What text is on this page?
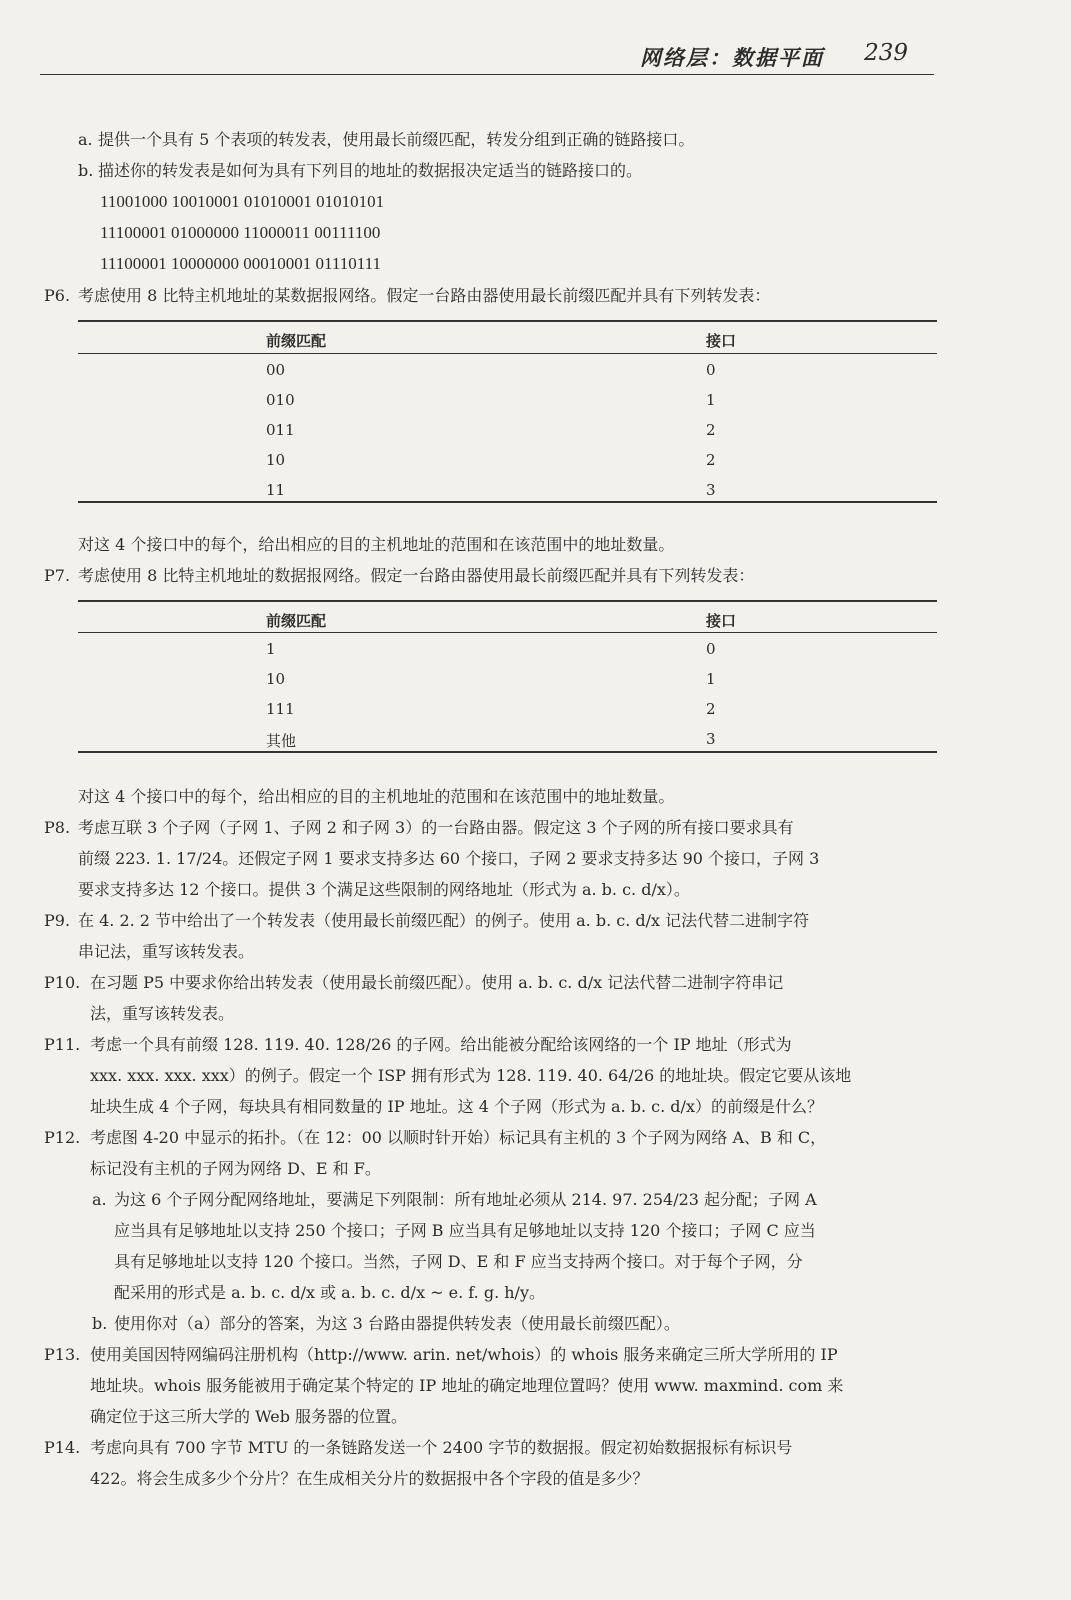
网络层：数据平面 239
a. 提供一个具有 5 个表项的转发表，使用最长前缀匹配，转发分组到正确的链路接口。
b. 描述你的转发表是如何为具有下列目的地址的数据报决定适当的链路接口的。
11001000 10010001 01010001 01010101
11100001 01000000 11000011 00111100
11100001 10000000 00010001 01110111
P6. 考虑使用 8 比特主机地址的某数据报网络。假定一台路由器使用最长前缀匹配并具有下列转发表：
前缀匹配	接口
00	0
010	1
011	2
10	2
11	3
对这 4 个接口中的每个，给出相应的目的主机地址的范围和在该范围中的地址数量。
P7. 考虑使用 8 比特主机地址的数据报网络。假定一台路由器使用最长前缀匹配并具有下列转发表：
前缀匹配	接口
1	0
10	1
111	2
其他	3
对这 4 个接口中的每个，给出相应的目的主机地址的范围和在该范围中的地址数量。
P8. 考虑互联 3 个子网（子网 1、子网 2 和子网 3）的一台路由器。假定这 3 个子网的所有接口要求具有
前缀 223. 1. 17/24。还假定子网 1 要求支持多达 60 个接口，子网 2 要求支持多达 90 个接口，子网 3
要求支持多达 12 个接口。提供 3 个满足这些限制的网络地址（形式为 a. b. c. d/x）。
P9. 在 4. 2. 2 节中给出了一个转发表（使用最长前缀匹配）的例子。使用 a. b. c. d/x 记法代替二进制字符
串记法，重写该转发表。
P10. 在习题 P5 中要求你给出转发表（使用最长前缀匹配）。使用 a. b. c. d/x 记法代替二进制字符串记
法，重写该转发表。
P11. 考虑一个具有前缀 128. 119. 40. 128/26 的子网。给出能被分配给该网络的一个 IP 地址（形式为
xxx. xxx. xxx. xxx）的例子。假定一个 ISP 拥有形式为 128. 119. 40. 64/26 的地址块。假定它要从该地
址块生成 4 个子网，每块具有相同数量的 IP 地址。这 4 个子网（形式为 a. b. c. d/x）的前缀是什么？
P12. 考虑图 4-20 中显示的拓扑。（在 12：00 以顺时针开始）标记具有主机的 3 个子网为网络 A、B 和 C，
标记没有主机的子网为网络 D、E 和 F。
a. 为这 6 个子网分配网络地址，要满足下列限制：所有地址必须从 214. 97. 254/23 起分配；子网 A
应当具有足够地址以支持 250 个接口；子网 B 应当具有足够地址以支持 120 个接口；子网 C 应当
具有足够地址以支持 120 个接口。当然，子网 D、E 和 F 应当支持两个接口。对于每个子网，分
配采用的形式是 a. b. c. d/x 或 a. b. c. d/x ~ e. f. g. h/y。
b. 使用你对（a）部分的答案，为这 3 台路由器提供转发表（使用最长前缀匹配）。
P13. 使用美国因特网编码注册机构（http://www. arin. net/whois）的 whois 服务来确定三所大学所用的 IP
地址块。whois 服务能被用于确定某个特定的 IP 地址的确定地理位置吗？使用 www. maxmind. com 来
确定位于这三所大学的 Web 服务器的位置。
P14. 考虑向具有 700 字节 MTU 的一条链路发送一个 2400 字节的数据报。假定初始数据报标有标识号
422。将会生成多少个分片？在生成相关分片的数据报中各个字段的值是多少？
